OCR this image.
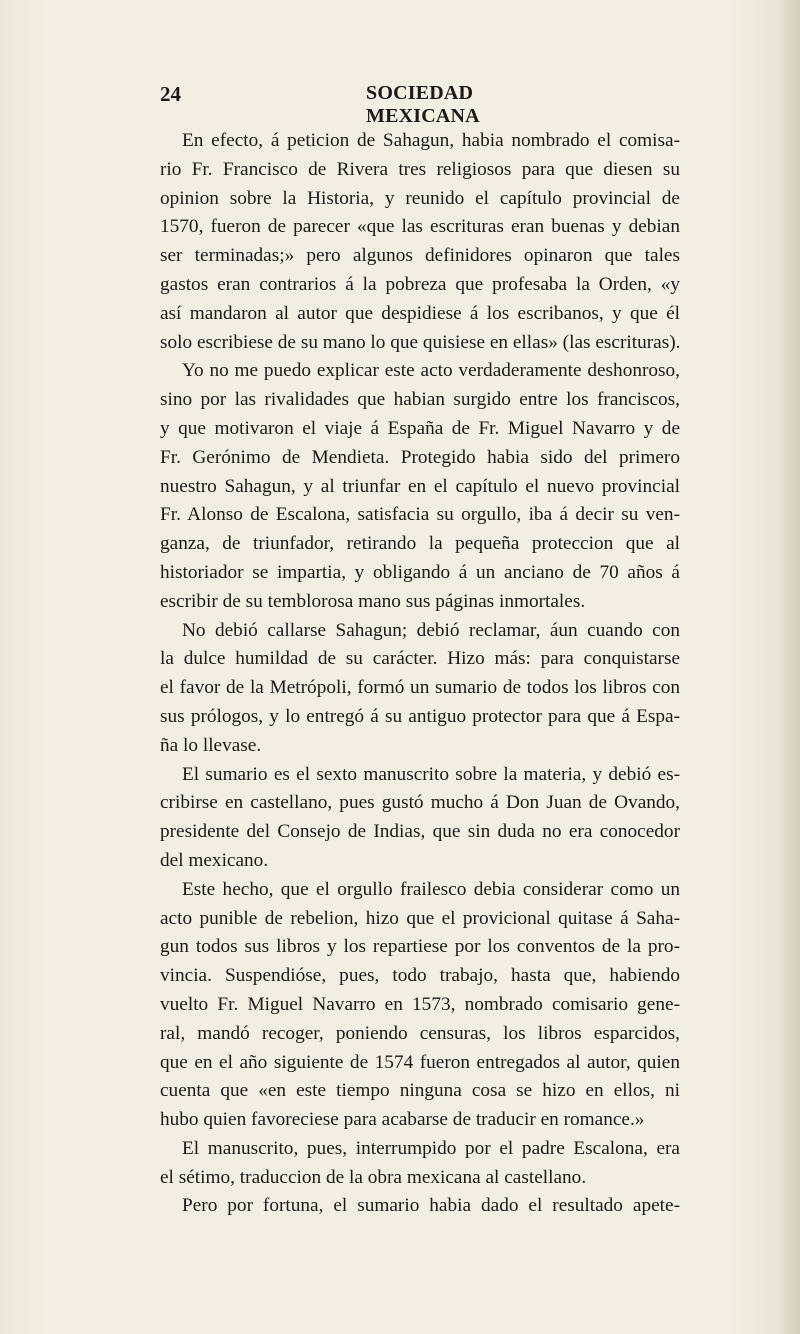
24	SOCIEDAD MEXICANA
En efecto, á peticion de Sahagun, habia nombrado el comisa-
rio Fr. Francisco de Rivera tres religiosos para que diesen su
opinion sobre la Historia, y reunido el capítulo provincial de
1570, fueron de parecer «que las escrituras eran buenas y debian
ser terminadas;» pero algunos definidores opinaron que tales
gastos eran contrarios á la pobreza que profesaba la Orden, «y
así mandaron al autor que despidiese á los escribanos, y que él
solo escribiese de su mano lo que quisiese en ellas» (las escrituras).
Yo no me puedo explicar este acto verdaderamente deshonroso,
sino por las rivalidades que habian surgido entre los franciscos,
y que motivaron el viaje á España de Fr. Miguel Navarro y de
Fr. Gerónimo de Mendieta. Protegido habia sido del primero
nuestro Sahagun, y al triunfar en el capítulo el nuevo provincial
Fr. Alonso de Escalona, satisfacia su orgullo, iba á decir su ven-
ganza, de triunfador, retirando la pequeña proteccion que al
historiador se impartia, y obligando á un anciano de 70 años á
escribir de su temblorosa mano sus páginas inmortales.
No debió callarse Sahagun; debió reclamar, áun cuando con
la dulce humildad de su carácter. Hizo más: para conquistarse
el favor de la Metrópoli, formó un sumario de todos los libros con
sus prólogos, y lo entregó á su antiguo protector para que á Espa-
ña lo llevase.
El sumario es el sexto manuscrito sobre la materia, y debió es-
cribirse en castellano, pues gustó mucho á Don Juan de Ovando,
presidente del Consejo de Indias, que sin duda no era conocedor
del mexicano.
Este hecho, que el orgullo frailesco debia considerar como un
acto punible de rebelion, hizo que el provicional quitase á Saha-
gun todos sus libros y los repartiese por los conventos de la pro-
vincia. Suspendióse, pues, todo trabajo, hasta que, habiendo
vuelto Fr. Miguel Navarro en 1573, nombrado comisario gene-
ral, mandó recoger, poniendo censuras, los libros esparcidos,
que en el año siguiente de 1574 fueron entregados al autor, quien
cuenta que «en este tiempo ninguna cosa se hizo en ellos, ni
hubo quien favoreciese para acabarse de traducir en romance.»
El manuscrito, pues, interrumpido por el padre Escalona, era
el sétimo, traduccion de la obra mexicana al castellano.
Pero por fortuna, el sumario habia dado el resultado apete-
